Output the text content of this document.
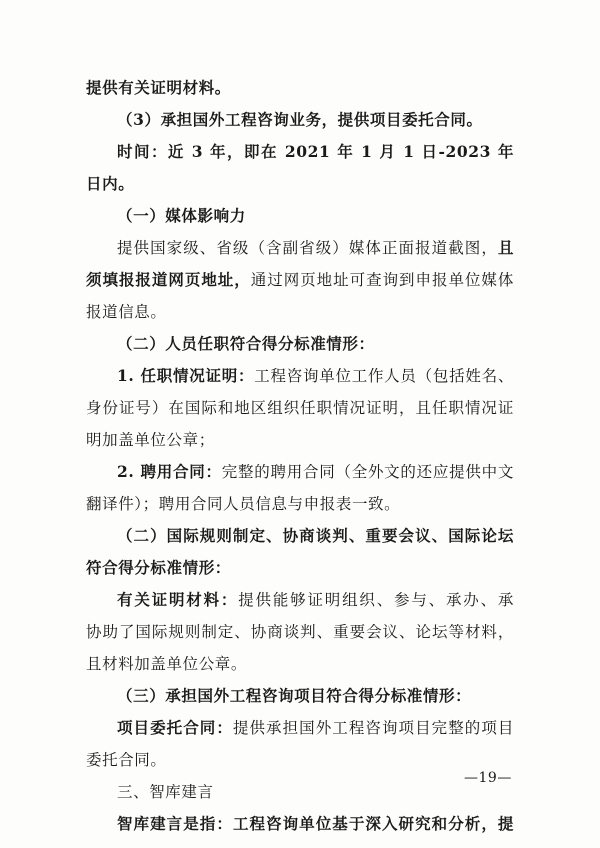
提供有关证明材料。
（3）承担国外工程咨询业务，提供项目委托合同。
时间：近 3 年，即在 2021 年 1 月 1 日-2023 年
日内。
（一）媒体影响力
提供国家级、省级（含副省级）媒体正面报道截图，且
须填报报道网页地址，通过网页地址可查询到申报单位媒体
报道信息。
（二）人员任职符合得分标准情形：
1. 任职情况证明：工程咨询单位工作人员（包括姓名、
身份证号）在国际和地区组织任职情况证明，且任职情况证
明加盖单位公章；
2. 聘用合同：完整的聘用合同（全外文的还应提供中文
翻译件）；聘用合同人员信息与申报表一致。
（二）国际规则制定、协商谈判、重要会议、国际论坛
符合得分标准情形：
有关证明材料：提供能够证明组织、参与、承办、承
协助了国际规则制定、协商谈判、重要会议、论坛等材料，
且材料加盖单位公章。
（三）承担国外工程咨询项目符合得分标准情形：
项目委托合同：提供承担国外工程咨询项目完整的项目
委托合同。
三、智库建言
智库建言是指：工程咨询单位基于深入研究和分析，提
—19—
